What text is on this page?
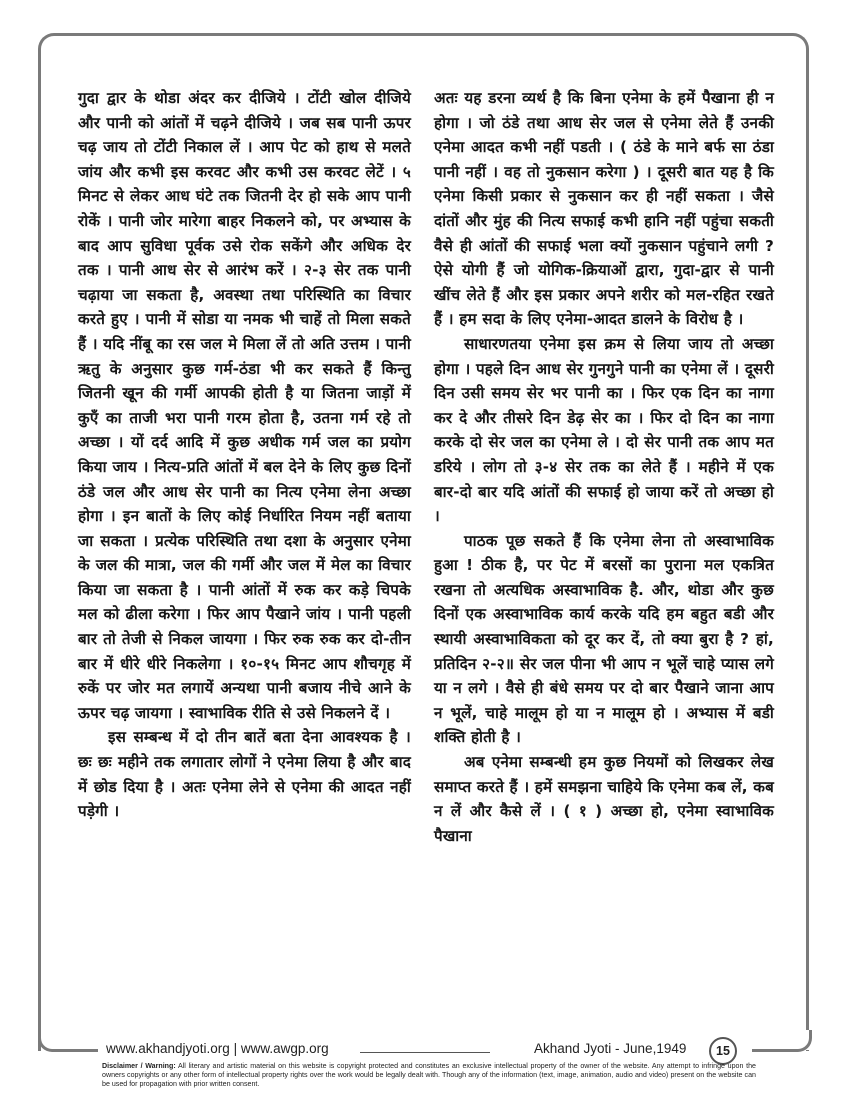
गुदा द्वार के थोडा अंदर कर दीजिये । टोंटी खोल दीजिये और पानी को आंतों में चढ़ने दीजिये । जब सब पानी ऊपर चढ़ जाय तो टोंटी निकाल लें । आप पेट को हाथ से मलते जांय और कभी इस करवट और कभी उस करवट लेटें । ५ मिनट से लेकर आध घंटे तक जितनी देर हो सके आप पानी रोकें । पानी जोर मारेगा बाहर निकलने को, पर अभ्यास के बाद आप सुविधा पूर्वक उसे रोक सकेंगे और अधिक देर तक । पानी आध सेर से आरंभ करें । २-३ सेर तक पानी चढ़ाया जा सकता है, अवस्था तथा परिस्थिति का विचार करते हुए । पानी में सोडा या नमक भी चाहें तो मिला सकते हैं । यदि नींबू का रस जल मे मिला लें तो अति उत्तम । पानी ऋतु के अनुसार कुछ गर्म-ठंडा भी कर सकते हैं किन्तु जितनी खून की गर्मी आपकी होती है या जितना जाड़ों में कुएँ का ताजी भरा पानी गरम होता है, उतना गर्म रहे तो अच्छा । यों दर्द आदि में कुछ अधीक गर्म जल का प्रयोग किया जाय । नित्य-प्रति आंतों में बल देने के लिए कुछ दिनों ठंडे जल और आध सेर पानी का नित्य एनेमा लेना अच्छा होगा । इन बातों के लिए कोई निर्धारित नियम नहीं बताया जा सकता । प्रत्येक परिस्थिति तथा दशा के अनुसार एनेमा के जल की मात्रा, जल की गर्मी और जल में मेल का विचार किया जा सकता है । पानी आंतों में रुक कर कड़े चिपके मल को ढीला करेगा । फिर आप पैखाने जांय । पानी पहली बार तो तेजी से निकल जायगा । फिर रुक रुक कर दो-तीन बार में धीरे धीरे निकलेगा । १०-१५ मिनट आप शौचगृह में रुकें पर जोर मत लगायें अन्यथा पानी बजाय नीचे आने के ऊपर चढ़ जायगा । स्वाभाविक रीति से उसे निकलने दें ।

इस सम्बन्ध में दो तीन बातें बता देना आवश्यक है । छः छः महीने तक लगातार लोगों ने एनेमा लिया है और बाद में छोड दिया है । अतः एनेमा लेने से एनेमा की आदत नहीं पड़ेगी ।

अतः यह डरना व्यर्थ है कि बिना एनेमा के हमें पैखाना ही न होगा । जो ठंडे तथा आध सेर जल से एनेमा लेते हैं उनकी एनेमा आदत कभी नहीं पडती । ( ठंडे के माने बर्फ सा ठंडा पानी नहीं । वह तो नुकसान करेगा ) । दूसरी बात यह है कि एनेमा किसी प्रकार से नुकसान कर ही नहीं सकता । जैसे दांतों और मुंह की नित्य सफाई कभी हानि नहीं पहुंचा सकती वैसे ही आंतों की सफाई भला क्यों नुकसान पहुंचाने लगी ? ऐसे योगी हैं जो योगिक-क्रियाओं द्वारा, गुदा-द्वार से पानी खींच लेते हैं और इस प्रकार अपने शरीर को मल-रहित रखते हैं । हम सदा के लिए एनेमा-आदत डालने के विरोध है ।

साधारणतया एनेमा इस क्रम से लिया जाय तो अच्छा होगा । पहले दिन आध सेर गुनगुने पानी का एनेमा लें । दूसरी दिन उसी समय सेर भर पानी का । फिर एक दिन का नागा कर दे और तीसरे दिन डेढ़ सेर का । फिर दो दिन का नागा करके दो सेर जल का एनेमा ले । दो सेर पानी तक आप मत डरिये । लोग तो ३-४ सेर तक का लेते हैं । महीने में एक बार-दो बार यदि आंतों की सफाई हो जाया करें तो अच्छा हो ।

पाठक पूछ सकते हैं कि एनेमा लेना तो अस्वाभाविक हुआ ! ठीक है, पर पेट में बरसों का पुराना मल एकत्रित रखना तो अत्यधिक अस्वाभाविक है. और, थोडा और कुछ दिनों एक अस्वाभाविक कार्य करके यदि हम बहुत बडी और स्थायी अस्वाभाविकता को दूर कर दें, तो क्या बुरा है ? हां, प्रतिदिन २-२॥ सेर जल पीना भी आप न भूलें चाहे प्यास लगे या न लगे । वैसे ही बंधे समय पर दो बार पैखाने जाना आप न भूलें, चाहे मालूम हो या न मालूम हो । अभ्यास में बडी शक्ति होती है ।

अब एनेमा सम्बन्धी हम कुछ नियमों को लिखकर लेख समाप्त करते हैं । हमें समझना चाहिये कि एनेमा कब लें, कब न लें और कैसे लें । ( १ ) अच्छा हो, एनेमा स्वाभाविक पैखाना

www.akhandjyoti.org | www.awgp.org	Akhand Jyoti - June,1949	15
Disclaimer / Warning: All literary and artistic material on this website is copyright protected and constitutes an exclusive intellectual property of the owner of the website. Any attempt to infringe upon the owners copyrights or any other form of intellectual property rights over the work would be legally dealt with. Though any of the information (text, image, animation, audio and video) present on the website can be used for propagation with prior written consent.
